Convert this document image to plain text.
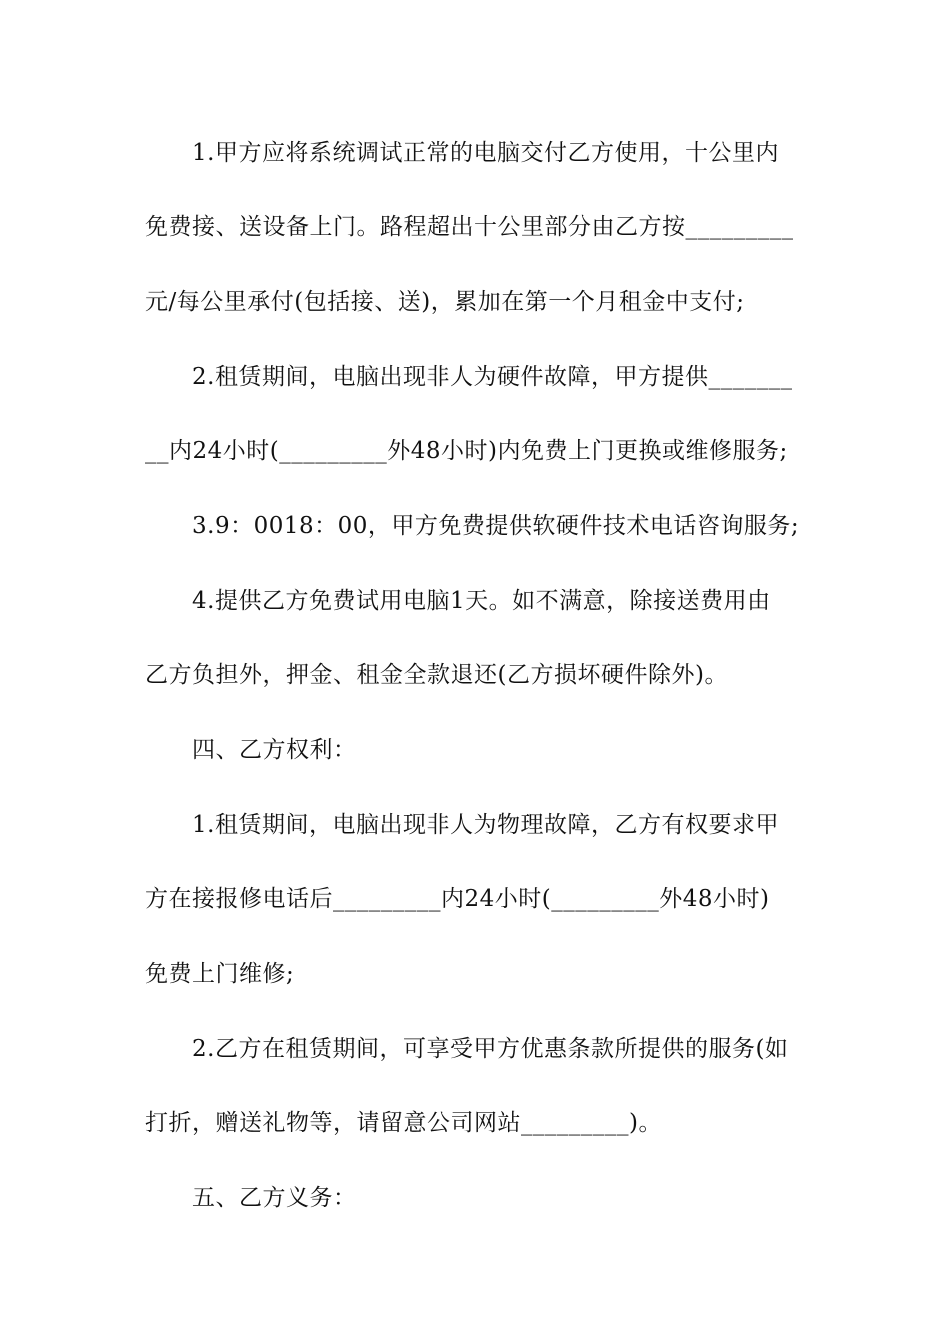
1.甲方应将系统调试正常的电脑交付乙方使用，十公里内
免费接、送设备上门。路程超出十公里部分由乙方按_________
元/每公里承付(包括接、送)，累加在第一个月租金中支付;
2.租赁期间，电脑出现非人为硬件故障，甲方提供_______
__内24小时(_________外48小时)内免费上门更换或维修服务;
3.9：0018：00，甲方免费提供软硬件技术电话咨询服务;
4.提供乙方免费试用电脑1天。如不满意，除接送费用由
乙方负担外，押金、租金全款退还(乙方损坏硬件除外)。
四、乙方权利：
1.租赁期间，电脑出现非人为物理故障，乙方有权要求甲
方在接报修电话后_________内24小时(_________外48小时)
免费上门维修;
2.乙方在租赁期间，可享受甲方优惠条款所提供的服务(如
打折，赠送礼物等，请留意公司网站_________)。
五、乙方义务：
